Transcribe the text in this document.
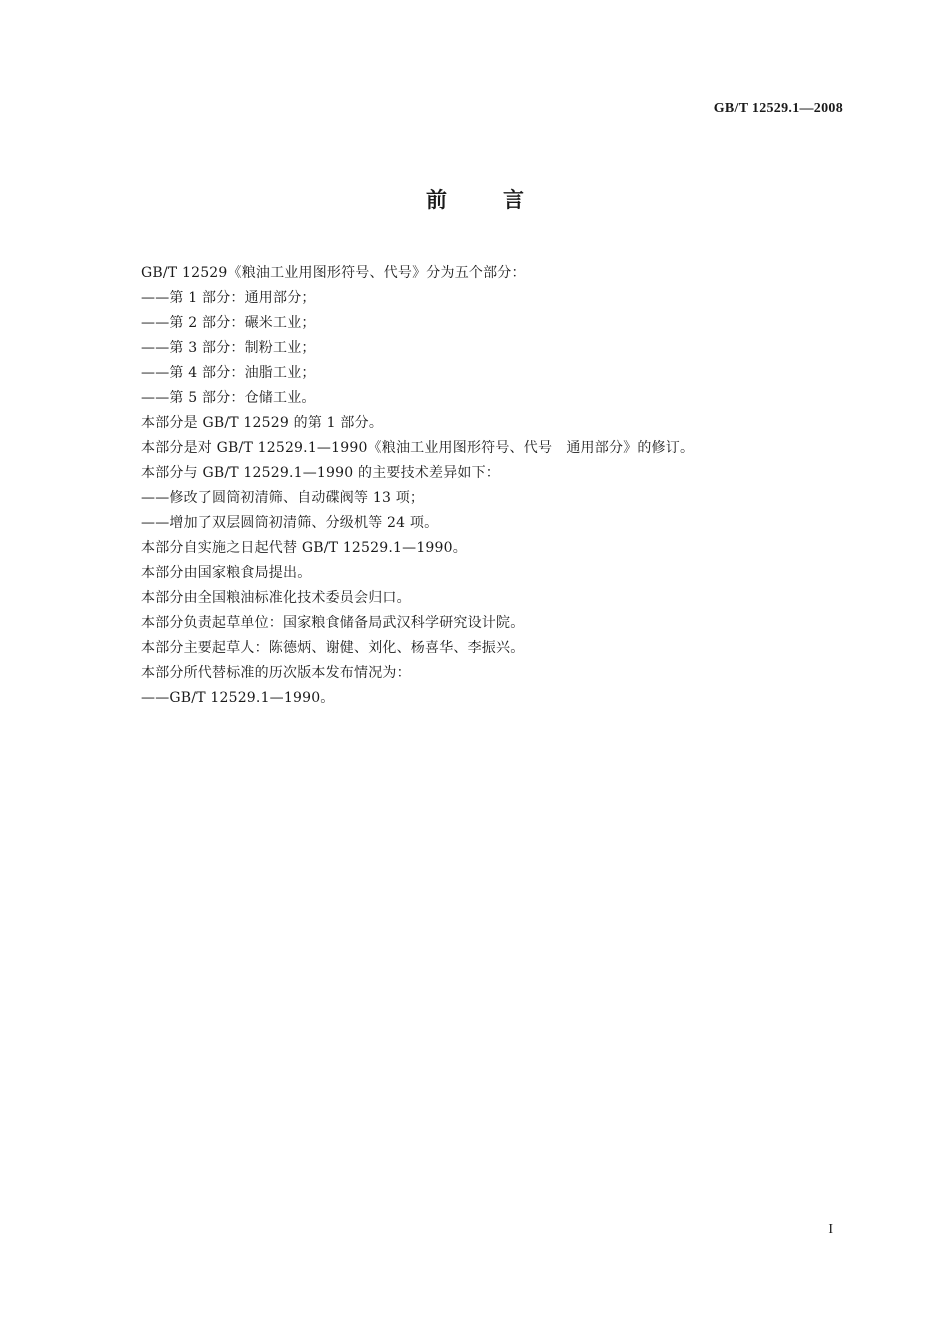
GB/T 12529.1—2008
前言
GB/T 12529《粮油工业用图形符号、代号》分为五个部分：
——第 1 部分：通用部分；
——第 2 部分：碾米工业；
——第 3 部分：制粉工业；
——第 4 部分：油脂工业；
——第 5 部分：仓储工业。
本部分是 GB/T 12529 的第 1 部分。
本部分是对 GB/T 12529.1—1990《粮油工业用图形符号、代号　通用部分》的修订。
本部分与 GB/T 12529.1—1990 的主要技术差异如下：
——修改了圆筒初清筛、自动碟阀等 13 项；
——增加了双层圆筒初清筛、分级机等 24 项。
本部分自实施之日起代替 GB/T 12529.1—1990。
本部分由国家粮食局提出。
本部分由全国粮油标准化技术委员会归口。
本部分负责起草单位：国家粮食储备局武汉科学研究设计院。
本部分主要起草人：陈德炳、谢健、刘化、杨喜华、李振兴。
本部分所代替标准的历次版本发布情况为：
——GB/T 12529.1—1990。
I
